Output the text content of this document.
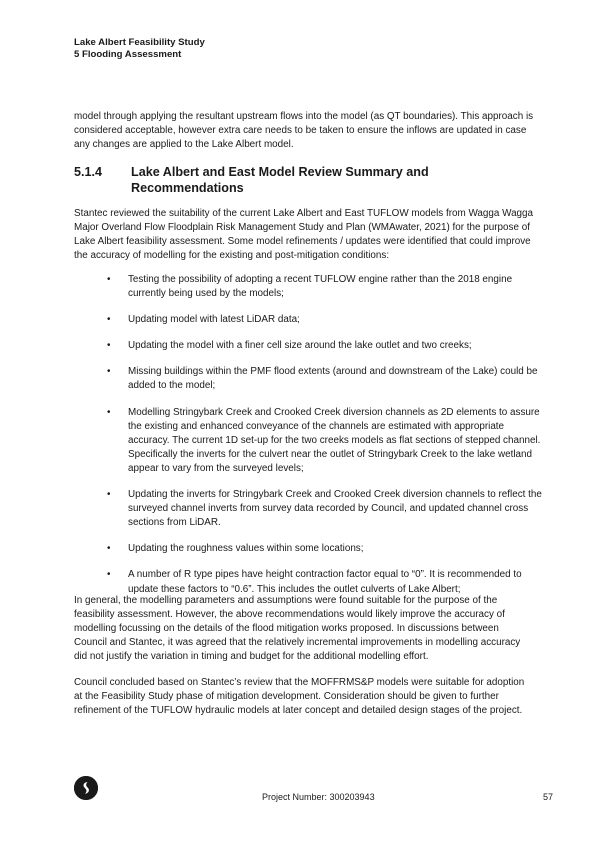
Lake Albert Feasibility Study
5 Flooding Assessment

model through applying the resultant upstream flows into the model (as QT boundaries). This approach is considered acceptable, however extra care needs to be taken to ensure the inflows are updated in case any changes are applied to the Lake Albert model.

5.1.4 Lake Albert and East Model Review Summary and Recommendations

Stantec reviewed the suitability of the current Lake Albert and East TUFLOW models from Wagga Wagga Major Overland Flow Floodplain Risk Management Study and Plan (WMAwater, 2021) for the purpose of Lake Albert feasibility assessment. Some model refinements / updates were identified that could improve the accuracy of modelling for the existing and post-mitigation conditions:

• Testing the possibility of adopting a recent TUFLOW engine rather than the 2018 engine currently being used by the models;
• Updating model with latest LiDAR data;
• Updating the model with a finer cell size around the lake outlet and two creeks;
• Missing buildings within the PMF flood extents (around and downstream of the Lake) could be added to the model;
• Modelling Stringybark Creek and Crooked Creek diversion channels as 2D elements to assure the existing and enhanced conveyance of the channels are estimated with appropriate accuracy. The current 1D set-up for the two creeks models as flat sections of stepped channel. Specifically the inverts for the culvert near the outlet of Stringybark Creek to the lake wetland appear to vary from the surveyed levels;
• Updating the inverts for Stringybark Creek and Crooked Creek diversion channels to reflect the surveyed channel inverts from survey data recorded by Council, and updated channel cross sections from LiDAR.
• Updating the roughness values within some locations;
• A number of R type pipes have height contraction factor equal to “0”. It is recommended to update these factors to “0.6”. This includes the outlet culverts of Lake Albert;

In general, the modelling parameters and assumptions were found suitable for the purpose of the feasibility assessment. However, the above recommendations would likely improve the accuracy of modelling focussing on the details of the flood mitigation works proposed. In discussions between Council and Stantec, it was agreed that the relatively incremental improvements in modelling accuracy did not justify the variation in timing and budget for the additional modelling effort.

Council concluded based on Stantec’s review that the MOFFRMS&P models were suitable for adoption at the Feasibility Study phase of mitigation development. Consideration should be given to further refinement of the TUFLOW hydraulic models at later concept and detailed design stages of the project.

Project Number: 300203943	57
